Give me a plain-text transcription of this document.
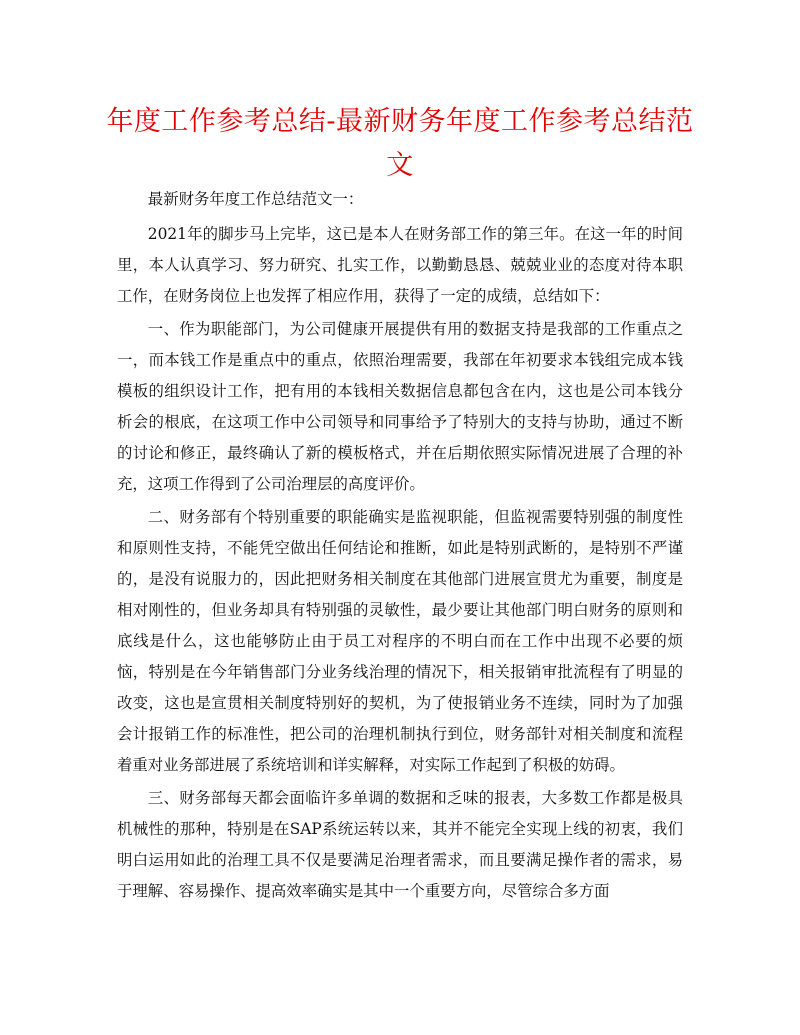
年度工作参考总结-最新财务年度工作参考总结范文

最新财务年度工作总结范文一：

2021年的脚步马上完毕，这已是本人在财务部工作的第三年。在这一年的时间里，本人认真学习、努力研究、扎实工作，以勤勤恳恳、兢兢业业的态度对待本职工作，在财务岗位上也发挥了相应作用，获得了一定的成绩，总结如下：

一、作为职能部门，为公司健康开展提供有用的数据支持是我部的工作重点之一，而本钱工作是重点中的重点，依照治理需要，我部在年初要求本钱组完成本钱模板的组织设计工作，把有用的本钱相关数据信息都包含在内，这也是公司本钱分析会的根底，在这项工作中公司领导和同事给予了特别大的支持与协助，通过不断的讨论和修正，最终确认了新的模板格式，并在后期依照实际情况进展了合理的补充，这项工作得到了公司治理层的高度评价。

二、财务部有个特别重要的职能确实是监视职能，但监视需要特别强的制度性和原则性支持，不能凭空做出任何结论和推断，如此是特别武断的，是特别不严谨的，是没有说服力的，因此把财务相关制度在其他部门进展宣贯尤为重要，制度是相对刚性的，但业务却具有特别强的灵敏性，最少要让其他部门明白财务的原则和底线是什么，这也能够防止由于员工对程序的不明白而在工作中出现不必要的烦恼，特别是在今年销售部门分业务线治理的情况下，相关报销审批流程有了明显的改变，这也是宣贯相关制度特别好的契机，为了使报销业务不连续，同时为了加强会计报销工作的标准性，把公司的治理机制执行到位，财务部针对相关制度和流程着重对业务部进展了系统培训和详实解释，对实际工作起到了积极的妨碍。

三、财务部每天都会面临许多单调的数据和乏味的报表，大多数工作都是极具机械性的那种，特别是在SAP系统运转以来，其并不能完全实现上线的初衷，我们明白运用如此的治理工具不仅是要满足治理者需求，而且要满足操作者的需求，易于理解、容易操作、提高效率确实是其中一个重要方向，尽管综合多方面
